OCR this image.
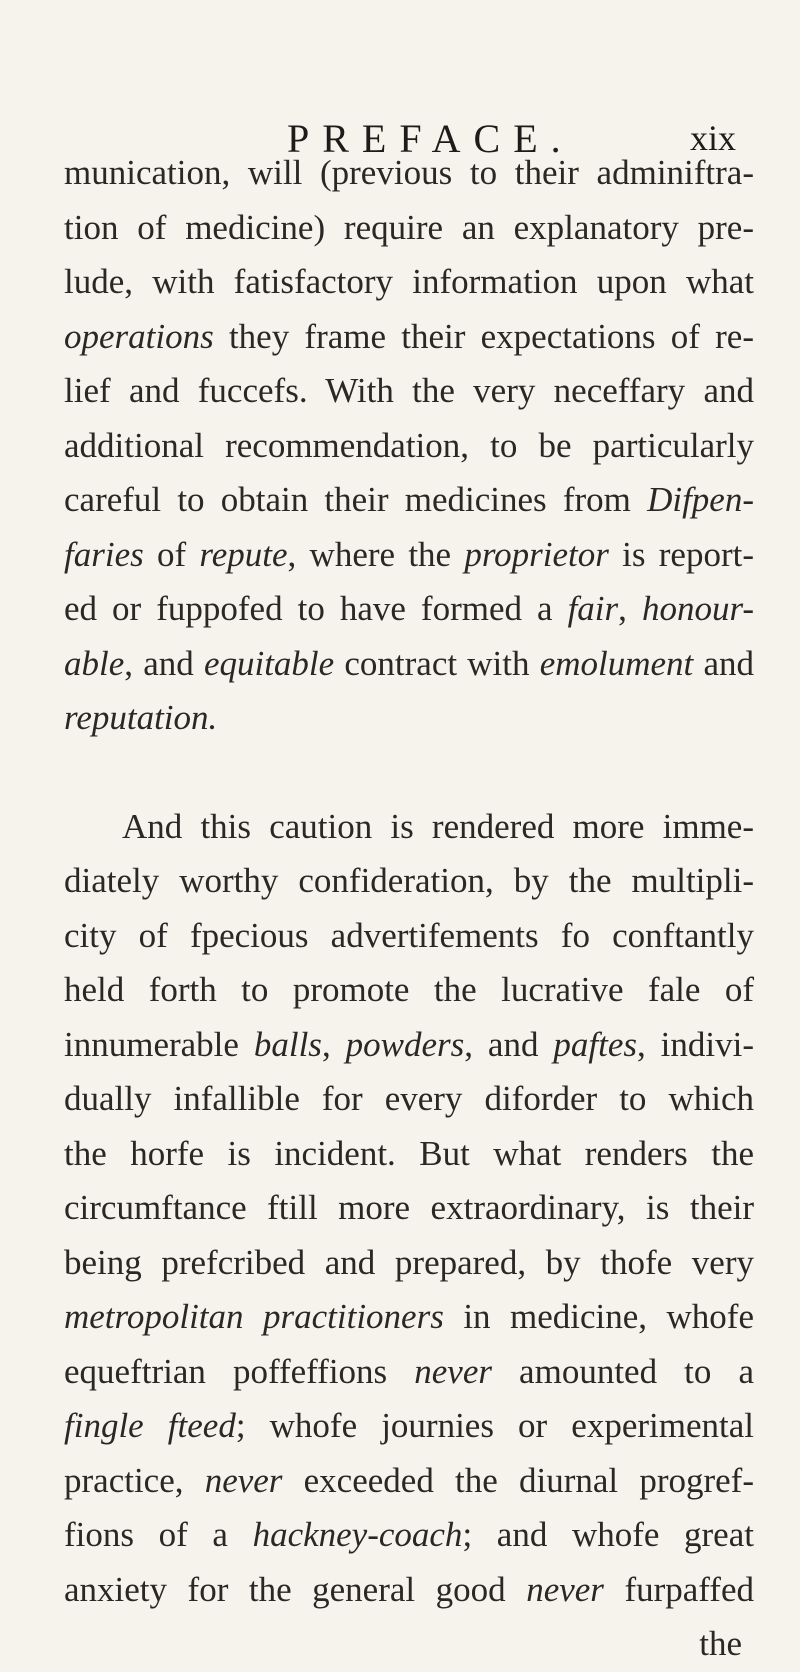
PREFACE.	xix
munication, will (previous to their adminiftra-
tion of medicine) require an explanatory pre-
lude, with fatisfactory information upon what
operations they frame their expectations of re-
lief and fuccefs. With the very neceffary and
additional recommendation, to be particularly
careful to obtain their medicines from Difpen-
faries of repute, where the proprietor is report-
ed or fuppofed to have formed a fair, honour-
able, and equitable contract with emolument and
reputation.
And this caution is rendered more imme-
diately worthy confideration, by the multipli-
city of fpecious advertifements fo conftantly
held forth to promote the lucrative fale of
innumerable balls, powders, and paftes, indivi-
dually infallible for every diforder to which
the horfe is incident. But what renders the
circumftance ftill more extraordinary, is their
being prefcribed and prepared, by thofe very
metropolitan practitioners in medicine, whofe
equeftrian poffeffions never amounted to a
fingle fteed; whofe journies or experimental
practice, never exceeded the diurnal progref-
fions of a hackney-coach; and whofe great
anxiety for the general good never furpaffed
the
